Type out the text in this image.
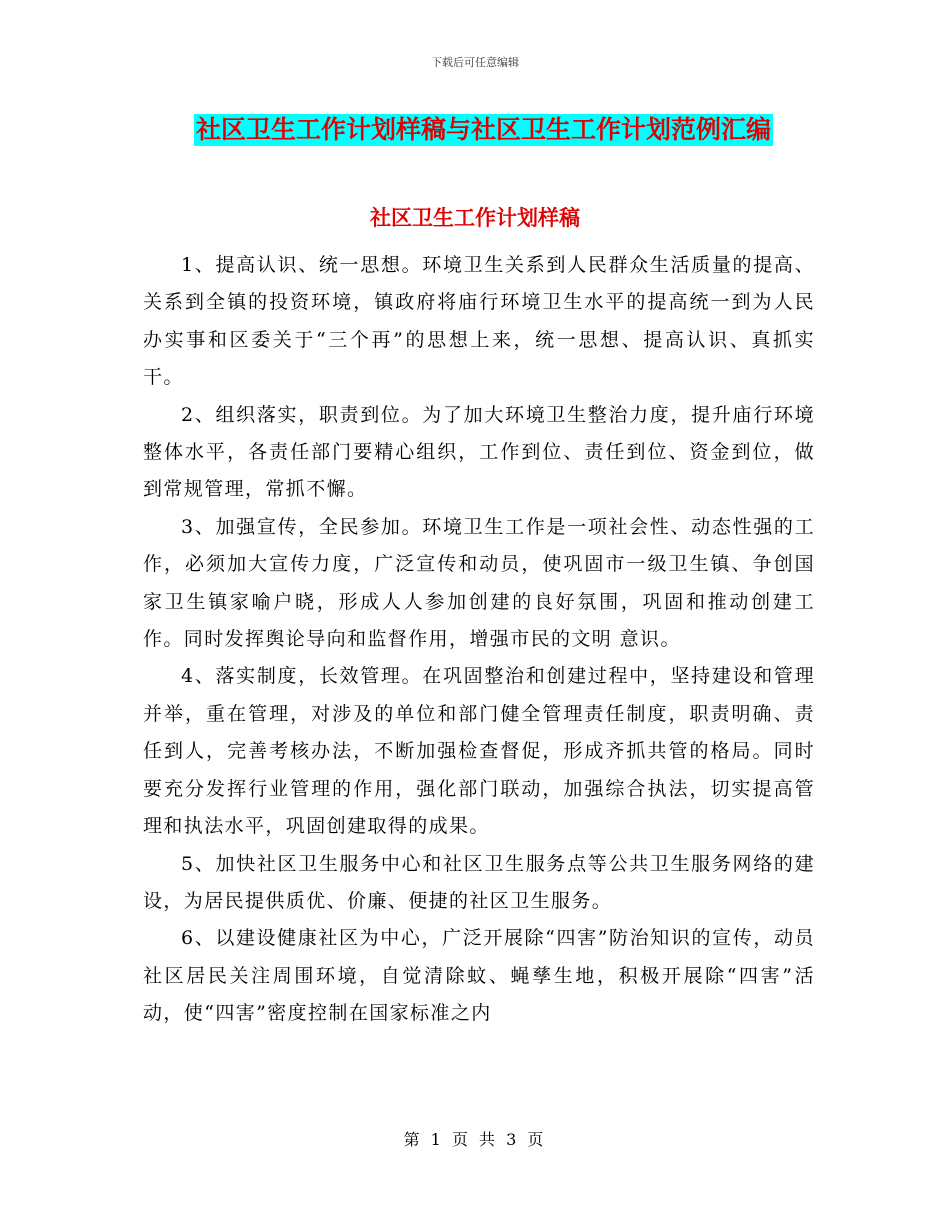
下载后可任意编辑
社区卫生工作计划样稿与社区卫生工作计划范例汇编
社区卫生工作计划样稿

1、提高认识、统一思想。环境卫生关系到人民群众生活质量的提高、关系到全镇的投资环境，镇政府将庙行环境卫生水平的提高统一到为人民办实事和区委关于“三个再”的思想上来，统一思想、提高认识、真抓实干。

2、组织落实，职责到位。为了加大环境卫生整治力度，提升庙行环境整体水平，各责任部门要精心组织，工作到位、责任到位、资金到位，做到常规管理，常抓不懈。

3、加强宣传，全民参加。环境卫生工作是一项社会性、动态性强的工作，必须加大宣传力度，广泛宣传和动员，使巩固市一级卫生镇、争创国家卫生镇家喻户晓，形成人人参加创建的良好氛围，巩固和推动创建工作。同时发挥舆论导向和监督作用，增强市民的文明 意识。

4、落实制度，长效管理。在巩固整治和创建过程中，坚持建设和管理并举，重在管理，对涉及的单位和部门健全管理责任制度，职责明确、责任到人，完善考核办法，不断加强检查督促，形成齐抓共管的格局。同时要充分发挥行业管理的作用，强化部门联动，加强综合执法，切实提高管理和执法水平，巩固创建取得的成果。

5、加快社区卫生服务中心和社区卫生服务点等公共卫生服务网络的建设，为居民提供质优、价廉、便捷的社区卫生服务。

6、以建设健康社区为中心，广泛开展除“四害”防治知识的宣传，动员社区居民关注周围环境，自觉清除蚊、蝇孳生地，积极开展除“四害”活动，使“四害”密度控制在国家标准之内

第 1 页 共 3 页
